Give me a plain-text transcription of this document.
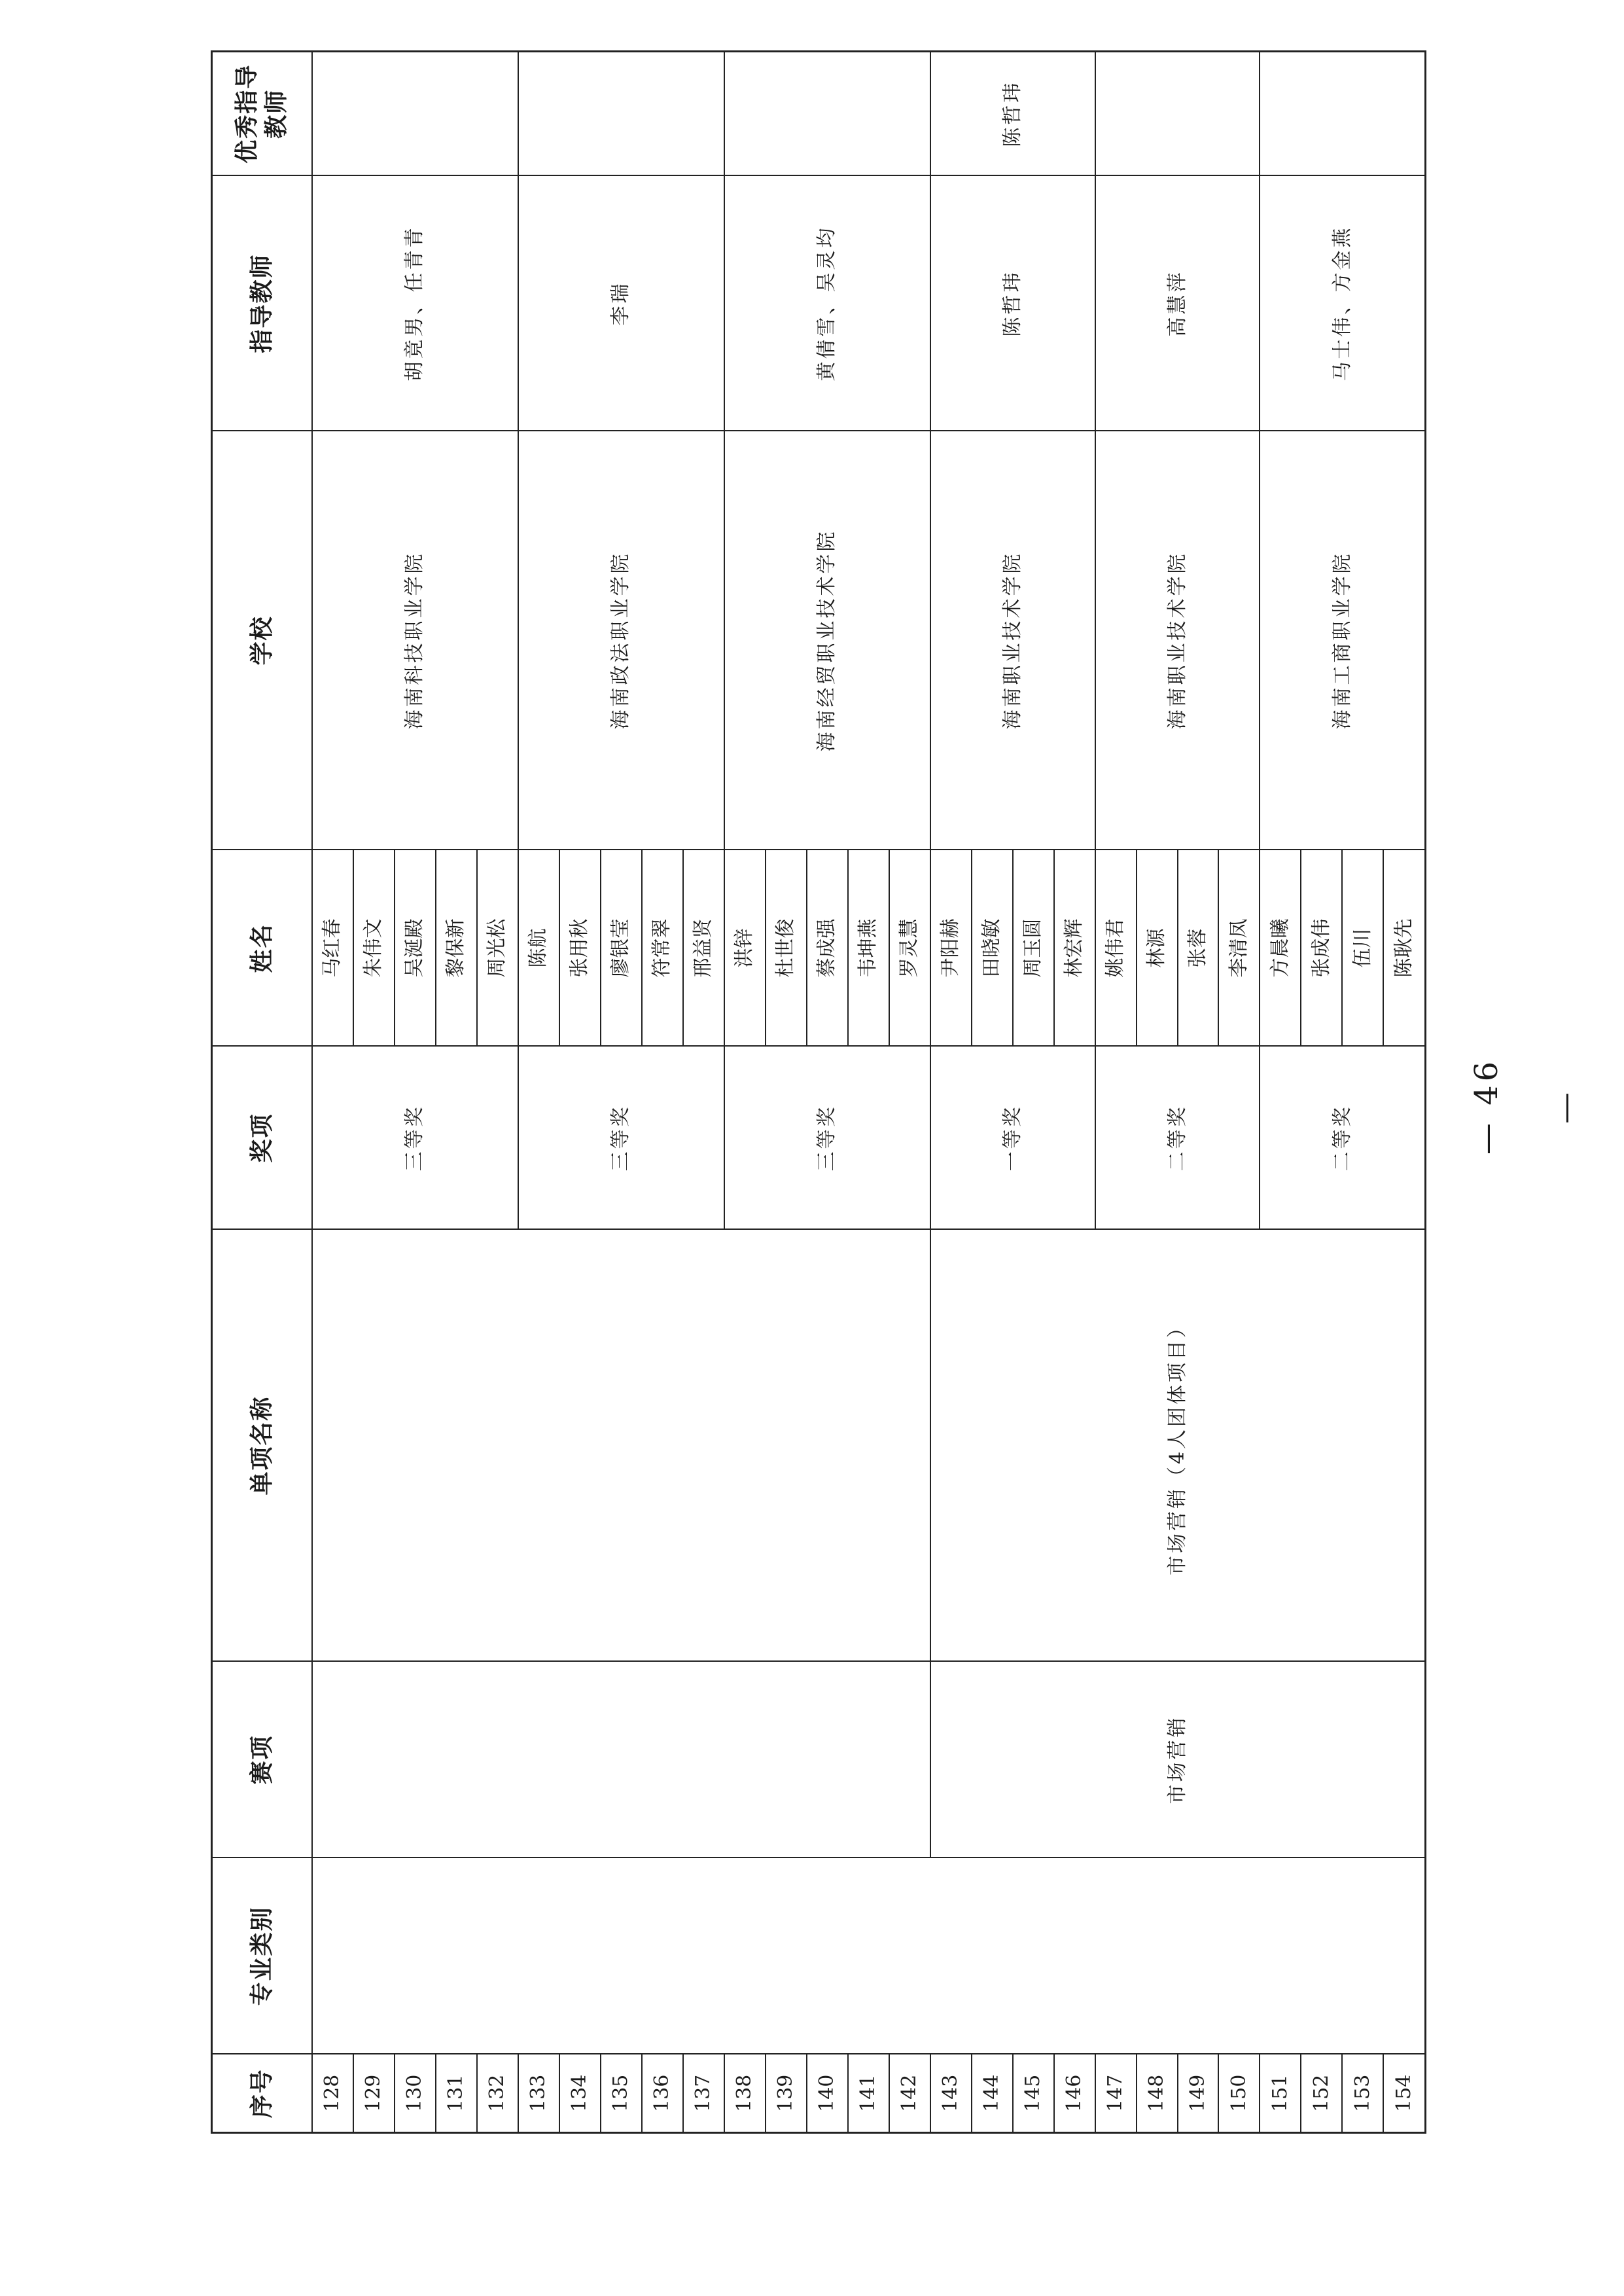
序号	专业类别	赛项	单项名称	奖项	姓名	学校	指导教师	优秀指导教师
128				三等奖	马红春	海南科技职业学院	胡竟男、任青青	
129					朱伟文			
130					吴涎殿			
131					黎保新			
132					周光松			
133				三等奖	陈航	海南政法职业学院	李瑞	
134					张用秋			
135					廖银莹			
136					符常翠			
137					邢益贤			
138				三等奖	洪锌	海南经贸职业技术学院	黄倩雪、吴灵均	
139					杜世俊			
140					蔡成强			
141					韦坤燕			
142					罗灵慧			
143		市场营销	市场营销（4人团体项目）	一等奖	尹阳赫	海南职业技术学院	陈哲玮	陈哲玮
144					田晓敏			
145					周玉圆			
146					林宏辉			
147				二等奖	姚伟君	海南职业技术学院	高慧萍	
148					林源			
149					张蓉			
150					李清凤			
151				二等奖	方晨曦	海南工商职业学院	马士伟、方金燕	
152					张成伟			
153					伍川			
154					陈耿先			
— 46 —
